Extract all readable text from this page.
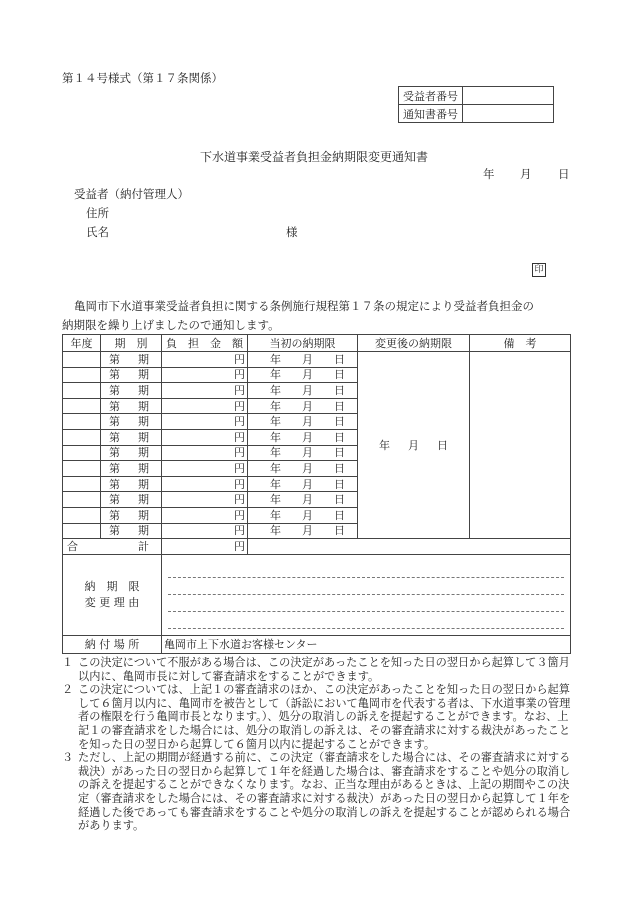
第１４号様式（第１７条関係）
受益者番号	
通知書番号	
下水道事業受益者負担金納期限変更通知書
年 月 日
受益者（納付管理人）
住所
氏名	様
印
亀岡市下水道事業受益者負担に関する条例施行規程第１７条の規定により受益者負担金の
納期限を繰り上げましたので通知します。
年度	期　別	負　担　金　額	当初の納期限	変更後の納期限	備　考

	第 期	円	年 月 日	年 月 日	

	第 期	円	年 月 日		

	第 期	円	年 月 日		

	第 期	円	年 月 日		

	第 期	円	年 月 日		

	第 期	円	年 月 日		

	第 期	円	年 月 日		

	第 期	円	年 月 日		

	第 期	円	年 月 日		

	第 期	円	年 月 日		

	第 期	円	年 月 日		

	第 期	円	年 月 日		

合 計		円			

納　期　限
変 更 理 由					

納 付 場 所		亀岡市上下水道お客様センター			
１ この決定について不服がある場合は、この決定があったことを知った日の翌日から起算して３箇月以内に、亀岡市長に対して審査請求をすることができます。
２ この決定については、上記１の審査請求のほか、この決定があったことを知った日の翌日から起算して６箇月以内に、亀岡市を被告として（訴訟において亀岡市を代表する者は、下水道事業の管理者の権限を行う亀岡市長となります。）、処分の取消しの訴えを提起することができます。なお、上記１の審査請求をした場合には、処分の取消しの訴えは、その審査請求に対する裁決があったことを知った日の翌日から起算して６箇月以内に提起することができます。
３ ただし、上記の期間が経過する前に、この決定（審査請求をした場合には、その審査請求に対する裁決）があった日の翌日から起算して１年を経過した場合は、審査請求をすることや処分の取消しの訴えを提起することができなくなります。なお、正当な理由があるときは、上記の期間やこの決定（審査請求をした場合には、その審査請求に対する裁決）があった日の翌日から起算して１年を経過した後であっても審査請求をすることや処分の取消しの訴えを提起することが認められる場合があります。
